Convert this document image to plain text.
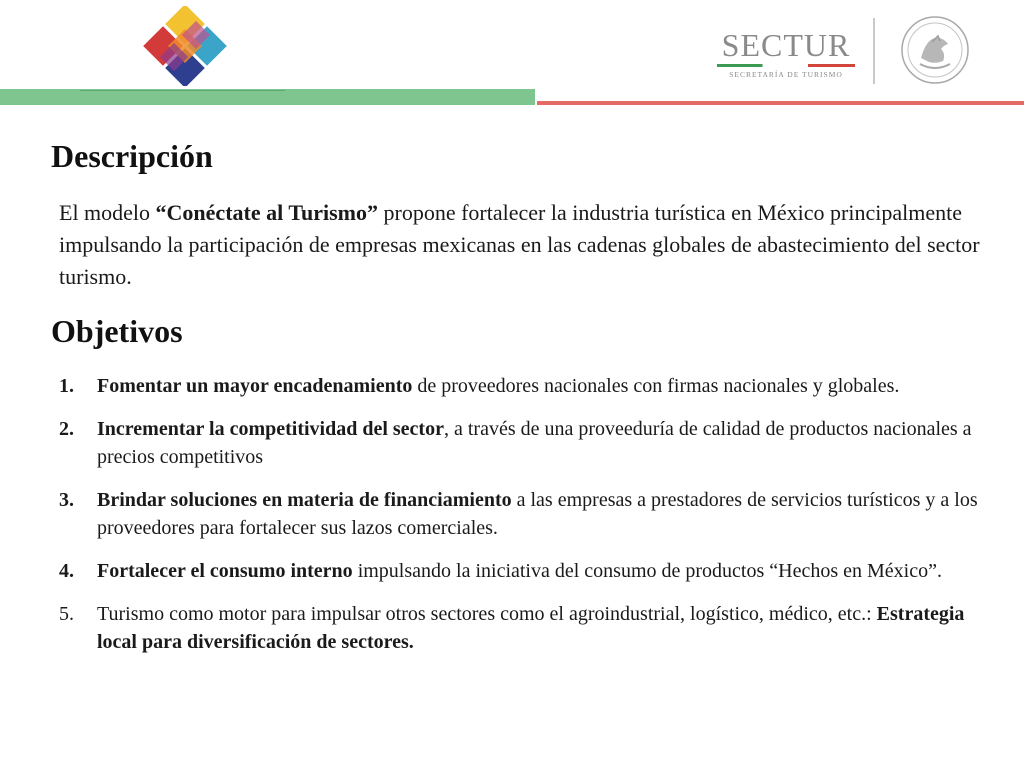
SECTUR
SECRETARÍA DE TURISMO
Descripción

El modelo “Conéctate al Turismo” propone fortalecer la industria turística en México principalmente impulsando la participación de empresas mexicanas en las cadenas globales de abastecimiento del sector turismo.

Objetivos
1. Fomentar un mayor encadenamiento de proveedores nacionales con firmas nacionales y globales.
2. Incrementar la competitividad del sector, a través de una proveeduría de calidad de productos nacionales a precios competitivos
3. Brindar soluciones en materia de financiamiento a las empresas a prestadores de servicios turísticos y a los proveedores para fortalecer sus lazos comerciales.
4. Fortalecer el consumo interno impulsando la iniciativa del consumo de productos “Hechos en México”.
5. Turismo como motor para impulsar otros sectores como el agroindustrial, logístico, médico, etc.: Estrategia local para diversificación de sectores.
